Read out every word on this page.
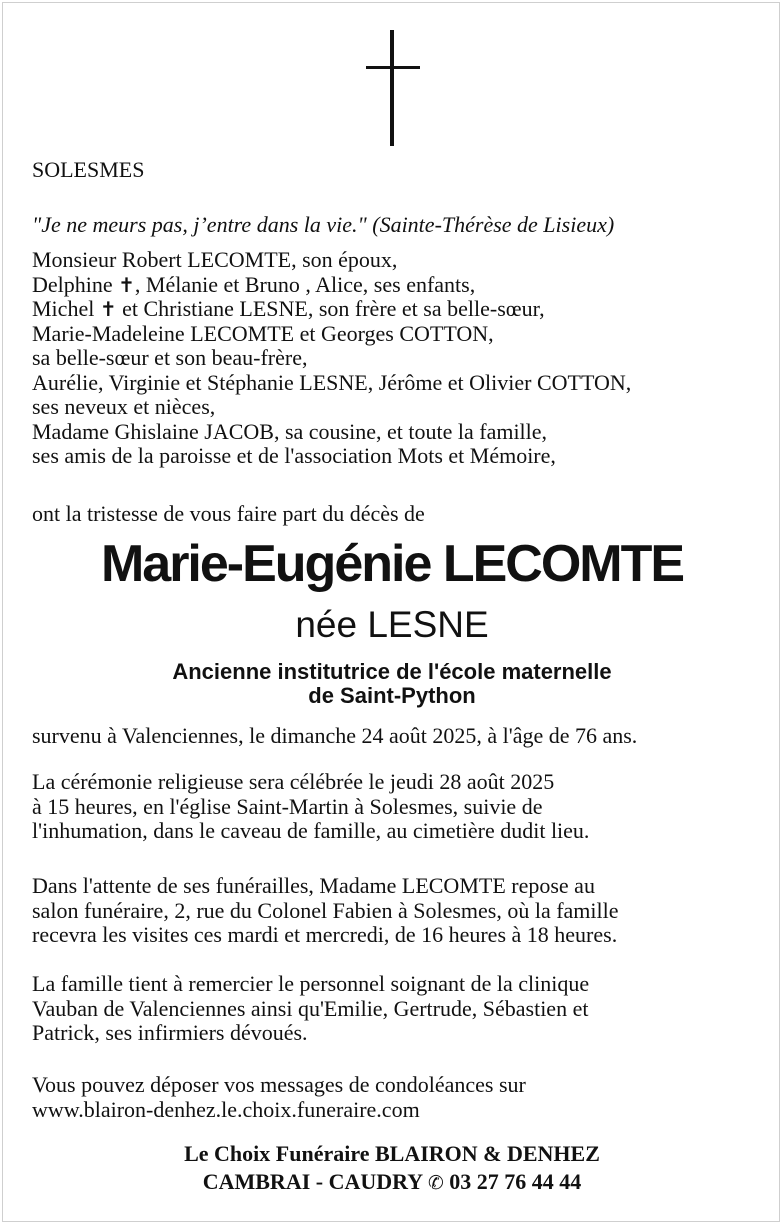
SOLESMES
"Je ne meurs pas, j’entre dans la vie." (Sainte-Thérèse de Lisieux)
Monsieur Robert LECOMTE, son époux,
Delphine ✝, Mélanie et Bruno , Alice, ses enfants,
Michel ✝ et Christiane LESNE, son frère et sa belle-sœur,
Marie-Madeleine LECOMTE et Georges COTTON,
sa belle-sœur et son beau-frère,
Aurélie, Virginie et Stéphanie LESNE, Jérôme et Olivier COTTON,
ses neveux et nièces,
Madame Ghislaine JACOB, sa cousine, et toute la famille,
ses amis de la paroisse et de l'association Mots et Mémoire,
ont la tristesse de vous faire part du décès de
Marie-Eugénie LECOMTE
née LESNE
Ancienne institutrice de l'école maternelle
de Saint-Python
survenu à Valenciennes, le dimanche 24 août 2025, à l'âge de 76 ans.
La cérémonie religieuse sera célébrée le jeudi 28 août 2025
à 15 heures, en l'église Saint-Martin à Solesmes, suivie de
l'inhumation, dans le caveau de famille, au cimetière dudit lieu.
Dans l'attente de ses funérailles, Madame LECOMTE repose au
salon funéraire, 2, rue du Colonel Fabien à Solesmes, où la famille
recevra les visites ces mardi et mercredi, de 16 heures à 18 heures.
La famille tient à remercier le personnel soignant de la clinique
Vauban de Valenciennes ainsi qu'Emilie, Gertrude, Sébastien et
Patrick, ses infirmiers dévoués.
Vous pouvez déposer vos messages de condoléances sur
www.blairon-denhez.le.choix.funeraire.com
Le Choix Funéraire BLAIRON & DENHEZ
CAMBRAI - CAUDRY ✆ 03 27 76 44 44
